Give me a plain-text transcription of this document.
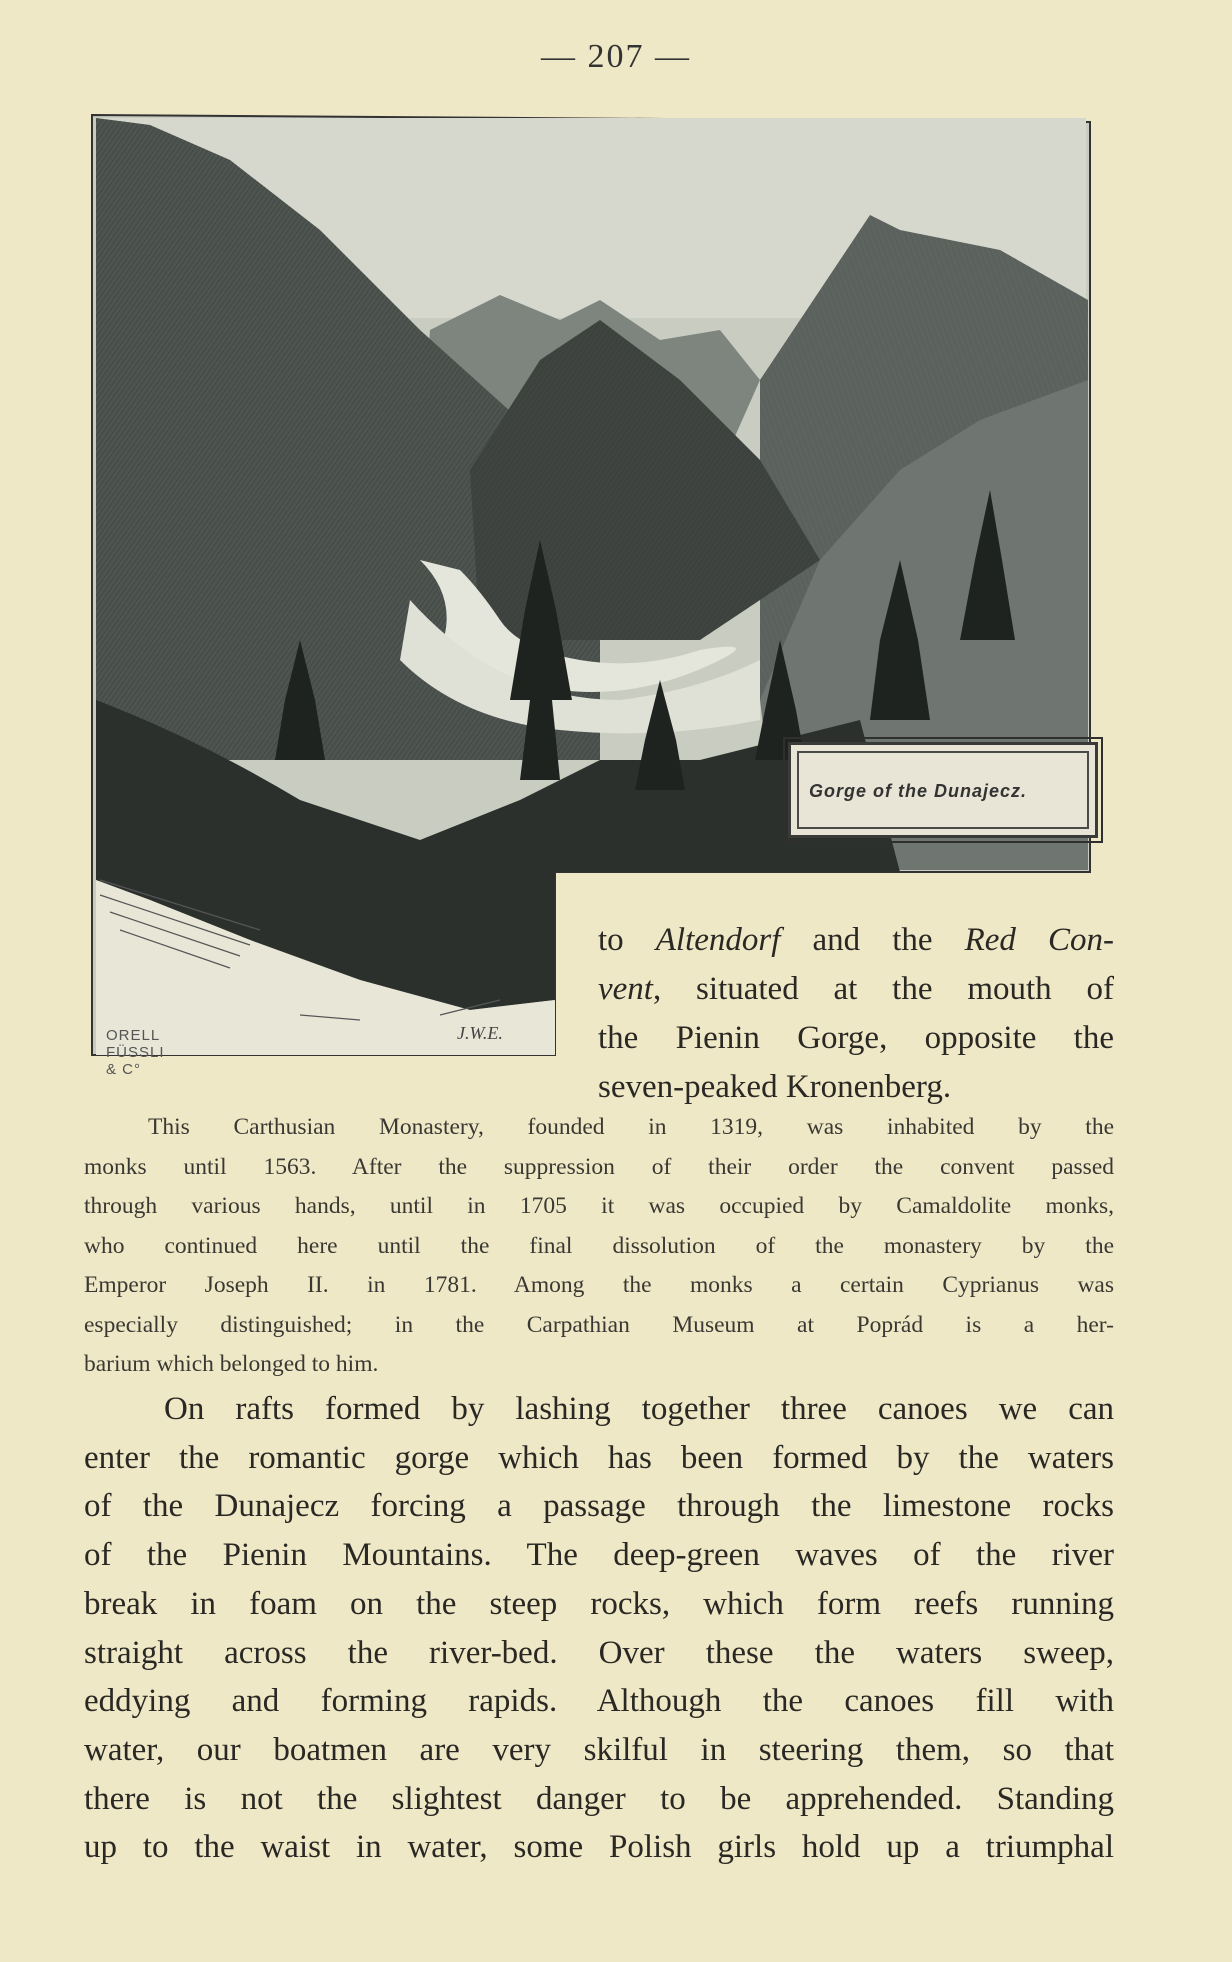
— 207 —
Gorge of the Dunajecz.
ORELL FÜSSLI & C°
J.W.E.
to Altendorf and the Red Con-
vent, situated at the mouth of
the Pienin Gorge, opposite the
seven-peaked Kronenberg.
This Carthusian Monastery, founded in 1319, was inhabited by the
monks until 1563. After the suppression of their order the convent passed
through various hands, until in 1705 it was occupied by Camaldolite monks,
who continued here until the final dissolution of the monastery by the
Emperor Joseph II. in 1781. Among the monks a certain Cyprianus was
especially distinguished; in the Carpathian Museum at Poprád is a her-
barium which belonged to him.
On rafts formed by lashing together three canoes we can
enter the romantic gorge which has been formed by the waters
of the Dunajecz forcing a passage through the limestone rocks
of the Pienin Mountains. The deep-green waves of the river
break in foam on the steep rocks, which form reefs running
straight across the river-bed. Over these the waters sweep,
eddying and forming rapids. Although the canoes fill with
water, our boatmen are very skilful in steering them, so that
there is not the slightest danger to be apprehended. Standing
up to the waist in water, some Polish girls hold up a triumphal
